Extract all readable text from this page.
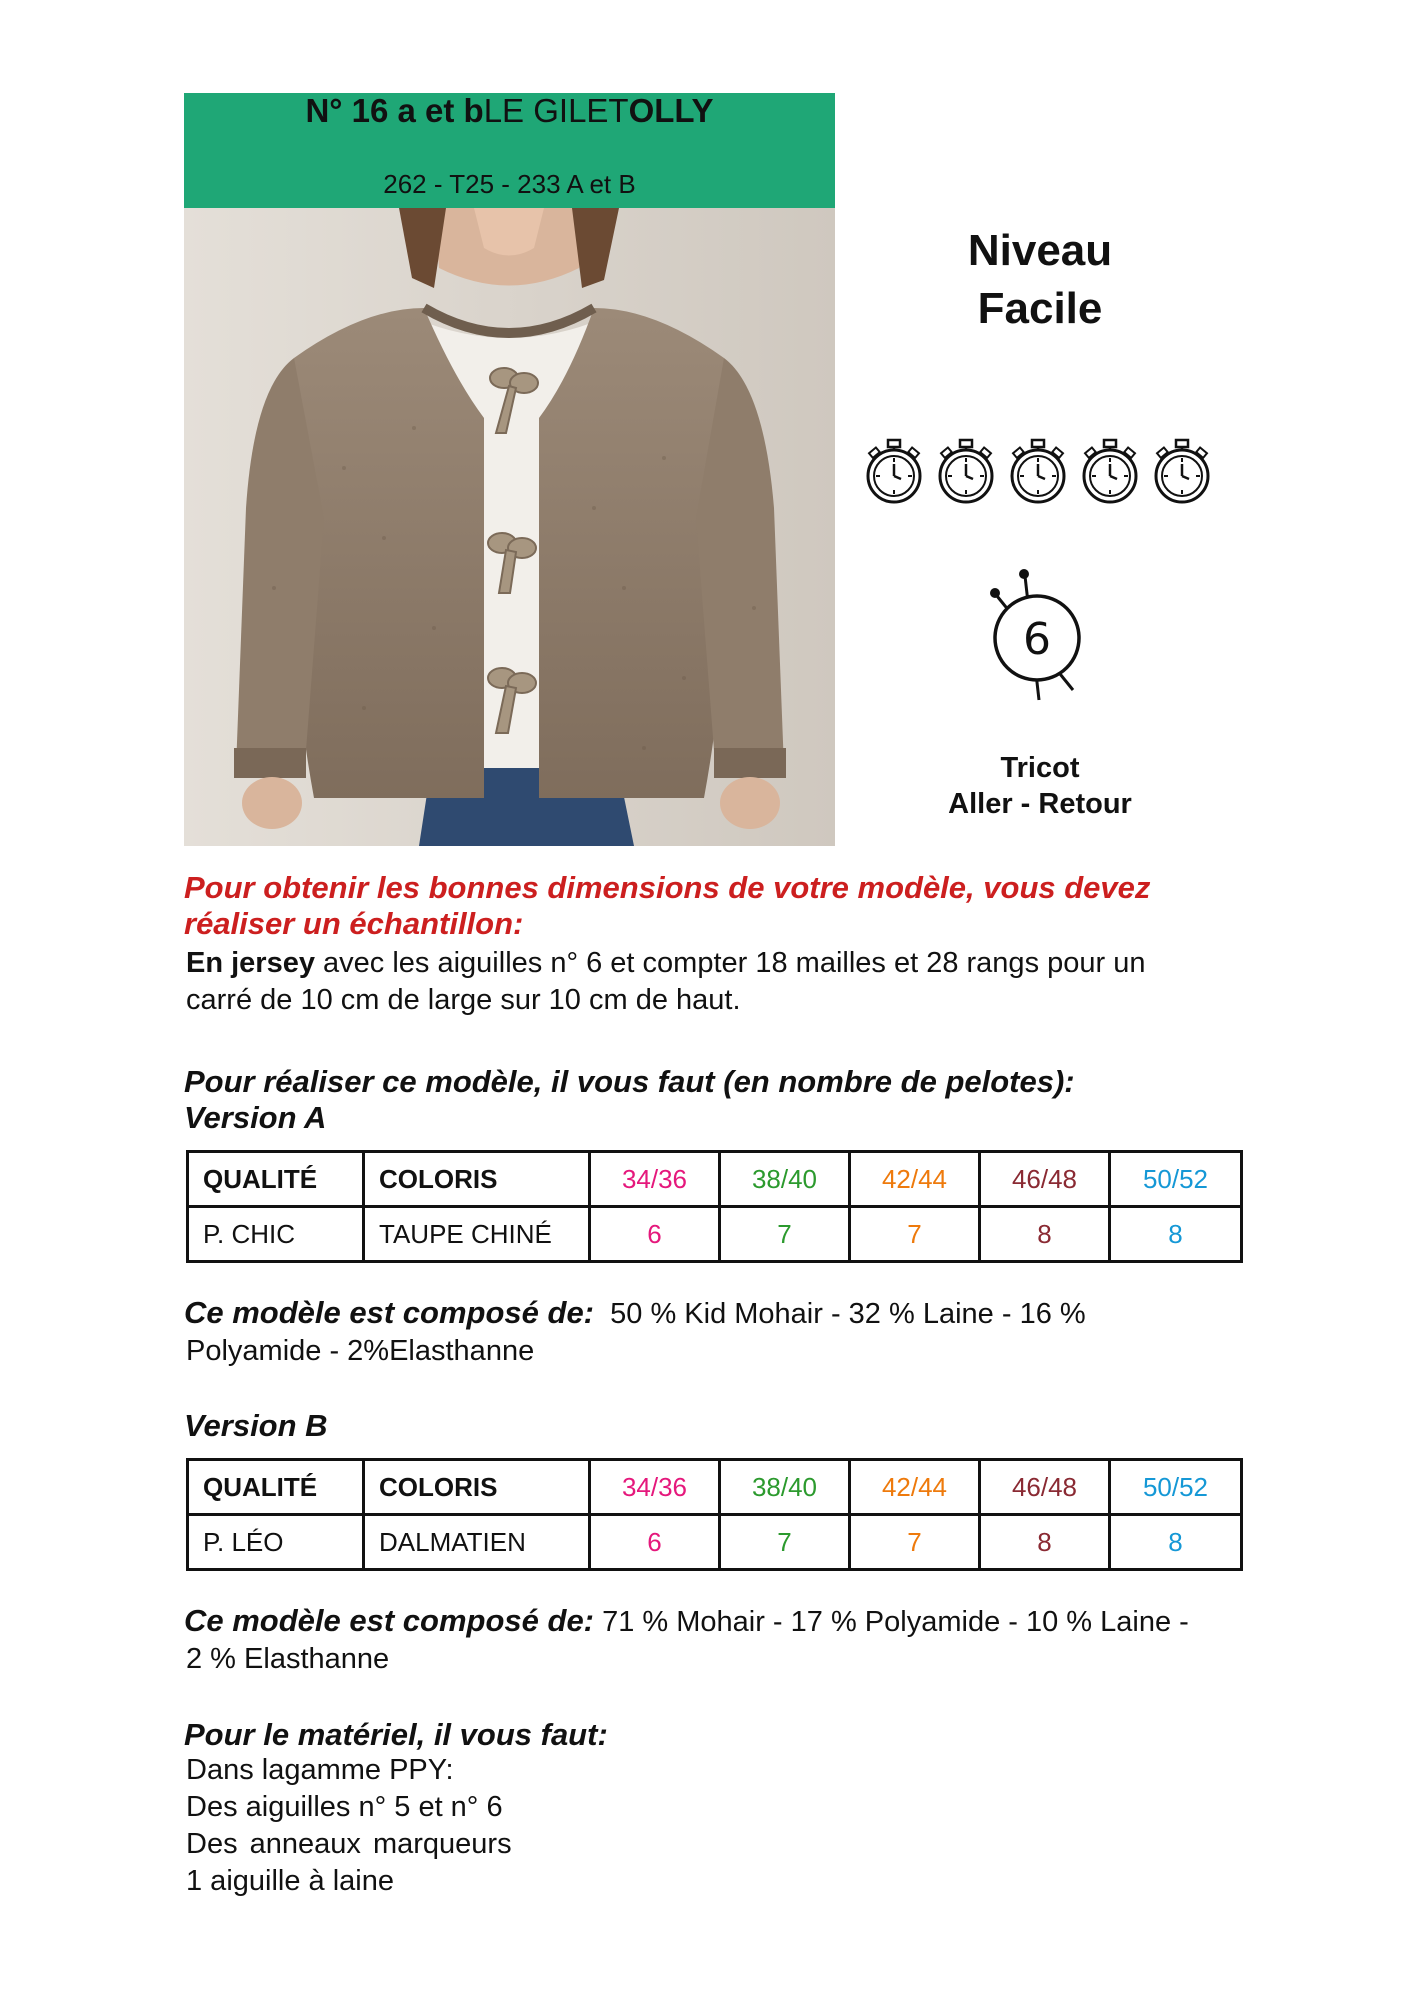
N° 16 a et bLE GILETOLLY
262 - T25 - 233 A et B
Niveau
Facile
6
Tricot
Aller - Retour
Pour obtenir les bonnes dimensions de votre modèle, vous devez
réaliser un échantillon:
En jersey avec les aiguilles n° 6 et compter 18 mailles et 28 rangs pour un
carré de 10 cm de large sur 10 cm de haut.
Pour réaliser ce modèle, il vous faut (en nombre de pelotes):
Version A
QUALITÉ	COLORIS	34/36	38/40	42/44	46/48	50/52
P. CHIC	TAUPE CHINÉ	6	7	7	8	8
Ce modèle est composé de: 50 % Kid Mohair - 32 % Laine - 16 %
Polyamide - 2%Elasthanne
Version B
QUALITÉ	COLORIS	34/36	38/40	42/44	46/48	50/52
P. LÉO	DALMATIEN	6	7	7	8	8
Ce modèle est composé de: 71 % Mohair - 17 % Polyamide - 10 % Laine -
2 % Elasthanne
Pour le matériel, il vous faut:
Dans lagamme PPY:
Des aiguilles n° 5 et n° 6
Des anneaux marqueurs
1 aiguille à laine
